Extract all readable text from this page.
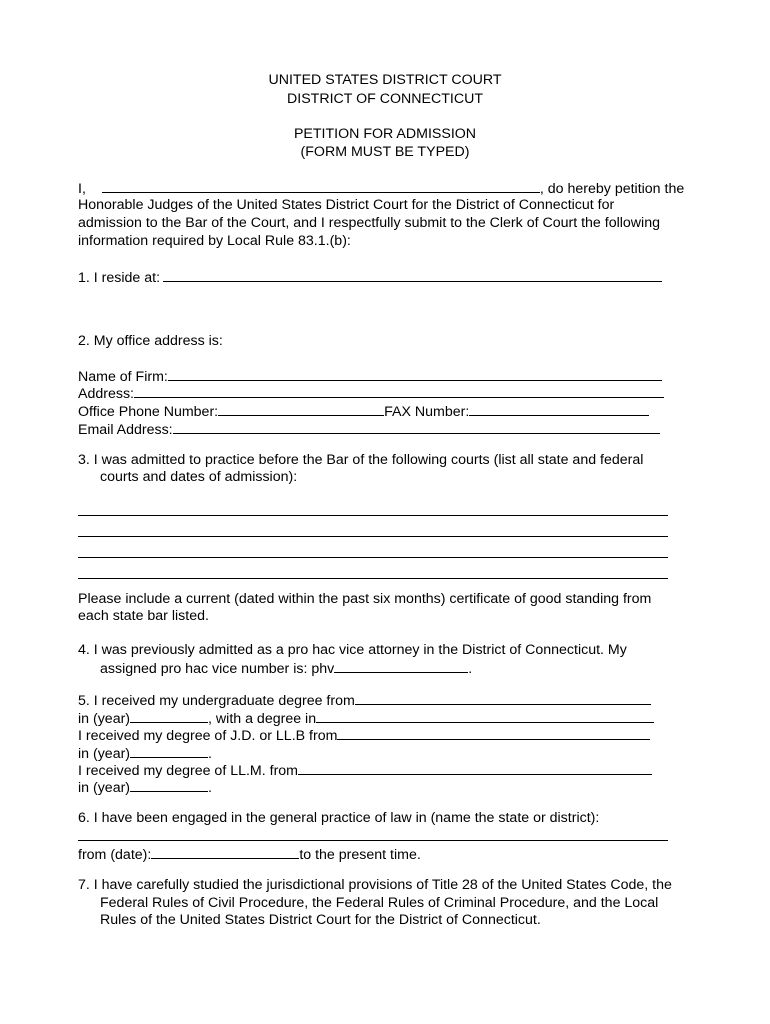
UNITED STATES DISTRICT COURT
DISTRICT OF CONNECTICUT
PETITION FOR ADMISSION
(FORM MUST BE TYPED)
I,	, do hereby petition the
Honorable Judges of the United States District Court for the District of Connecticut for
admission to the Bar of the Court, and I respectfully submit to the Clerk of Court the following
information required by Local Rule 83.1.(b):
1. I reside at:
2. My office address is:
Name of Firm:
Address:
Office Phone Number:	FAX Number:
Email Address:
3. I was admitted to practice before the Bar of the following courts (list all state and federal
courts and dates of admission):
Please include a current (dated within the past six months) certificate of good standing from
each state bar listed.
4. I was previously admitted as a pro hac vice attorney in the District of Connecticut. My
assigned pro hac vice number is: phv	.
5. I received my undergraduate degree from
in (year)	, with a degree in
I received my degree of J.D. or LL.B from
in (year)	.
I received my degree of LL.M. from
in (year)	.
6. I have been engaged in the general practice of law in (name the state or district):
from (date):	to the present time.
7. I have carefully studied the jurisdictional provisions of Title 28 of the United States Code, the
Federal Rules of Civil Procedure, the Federal Rules of Criminal Procedure, and the Local
Rules of the United States District Court for the District of Connecticut.
